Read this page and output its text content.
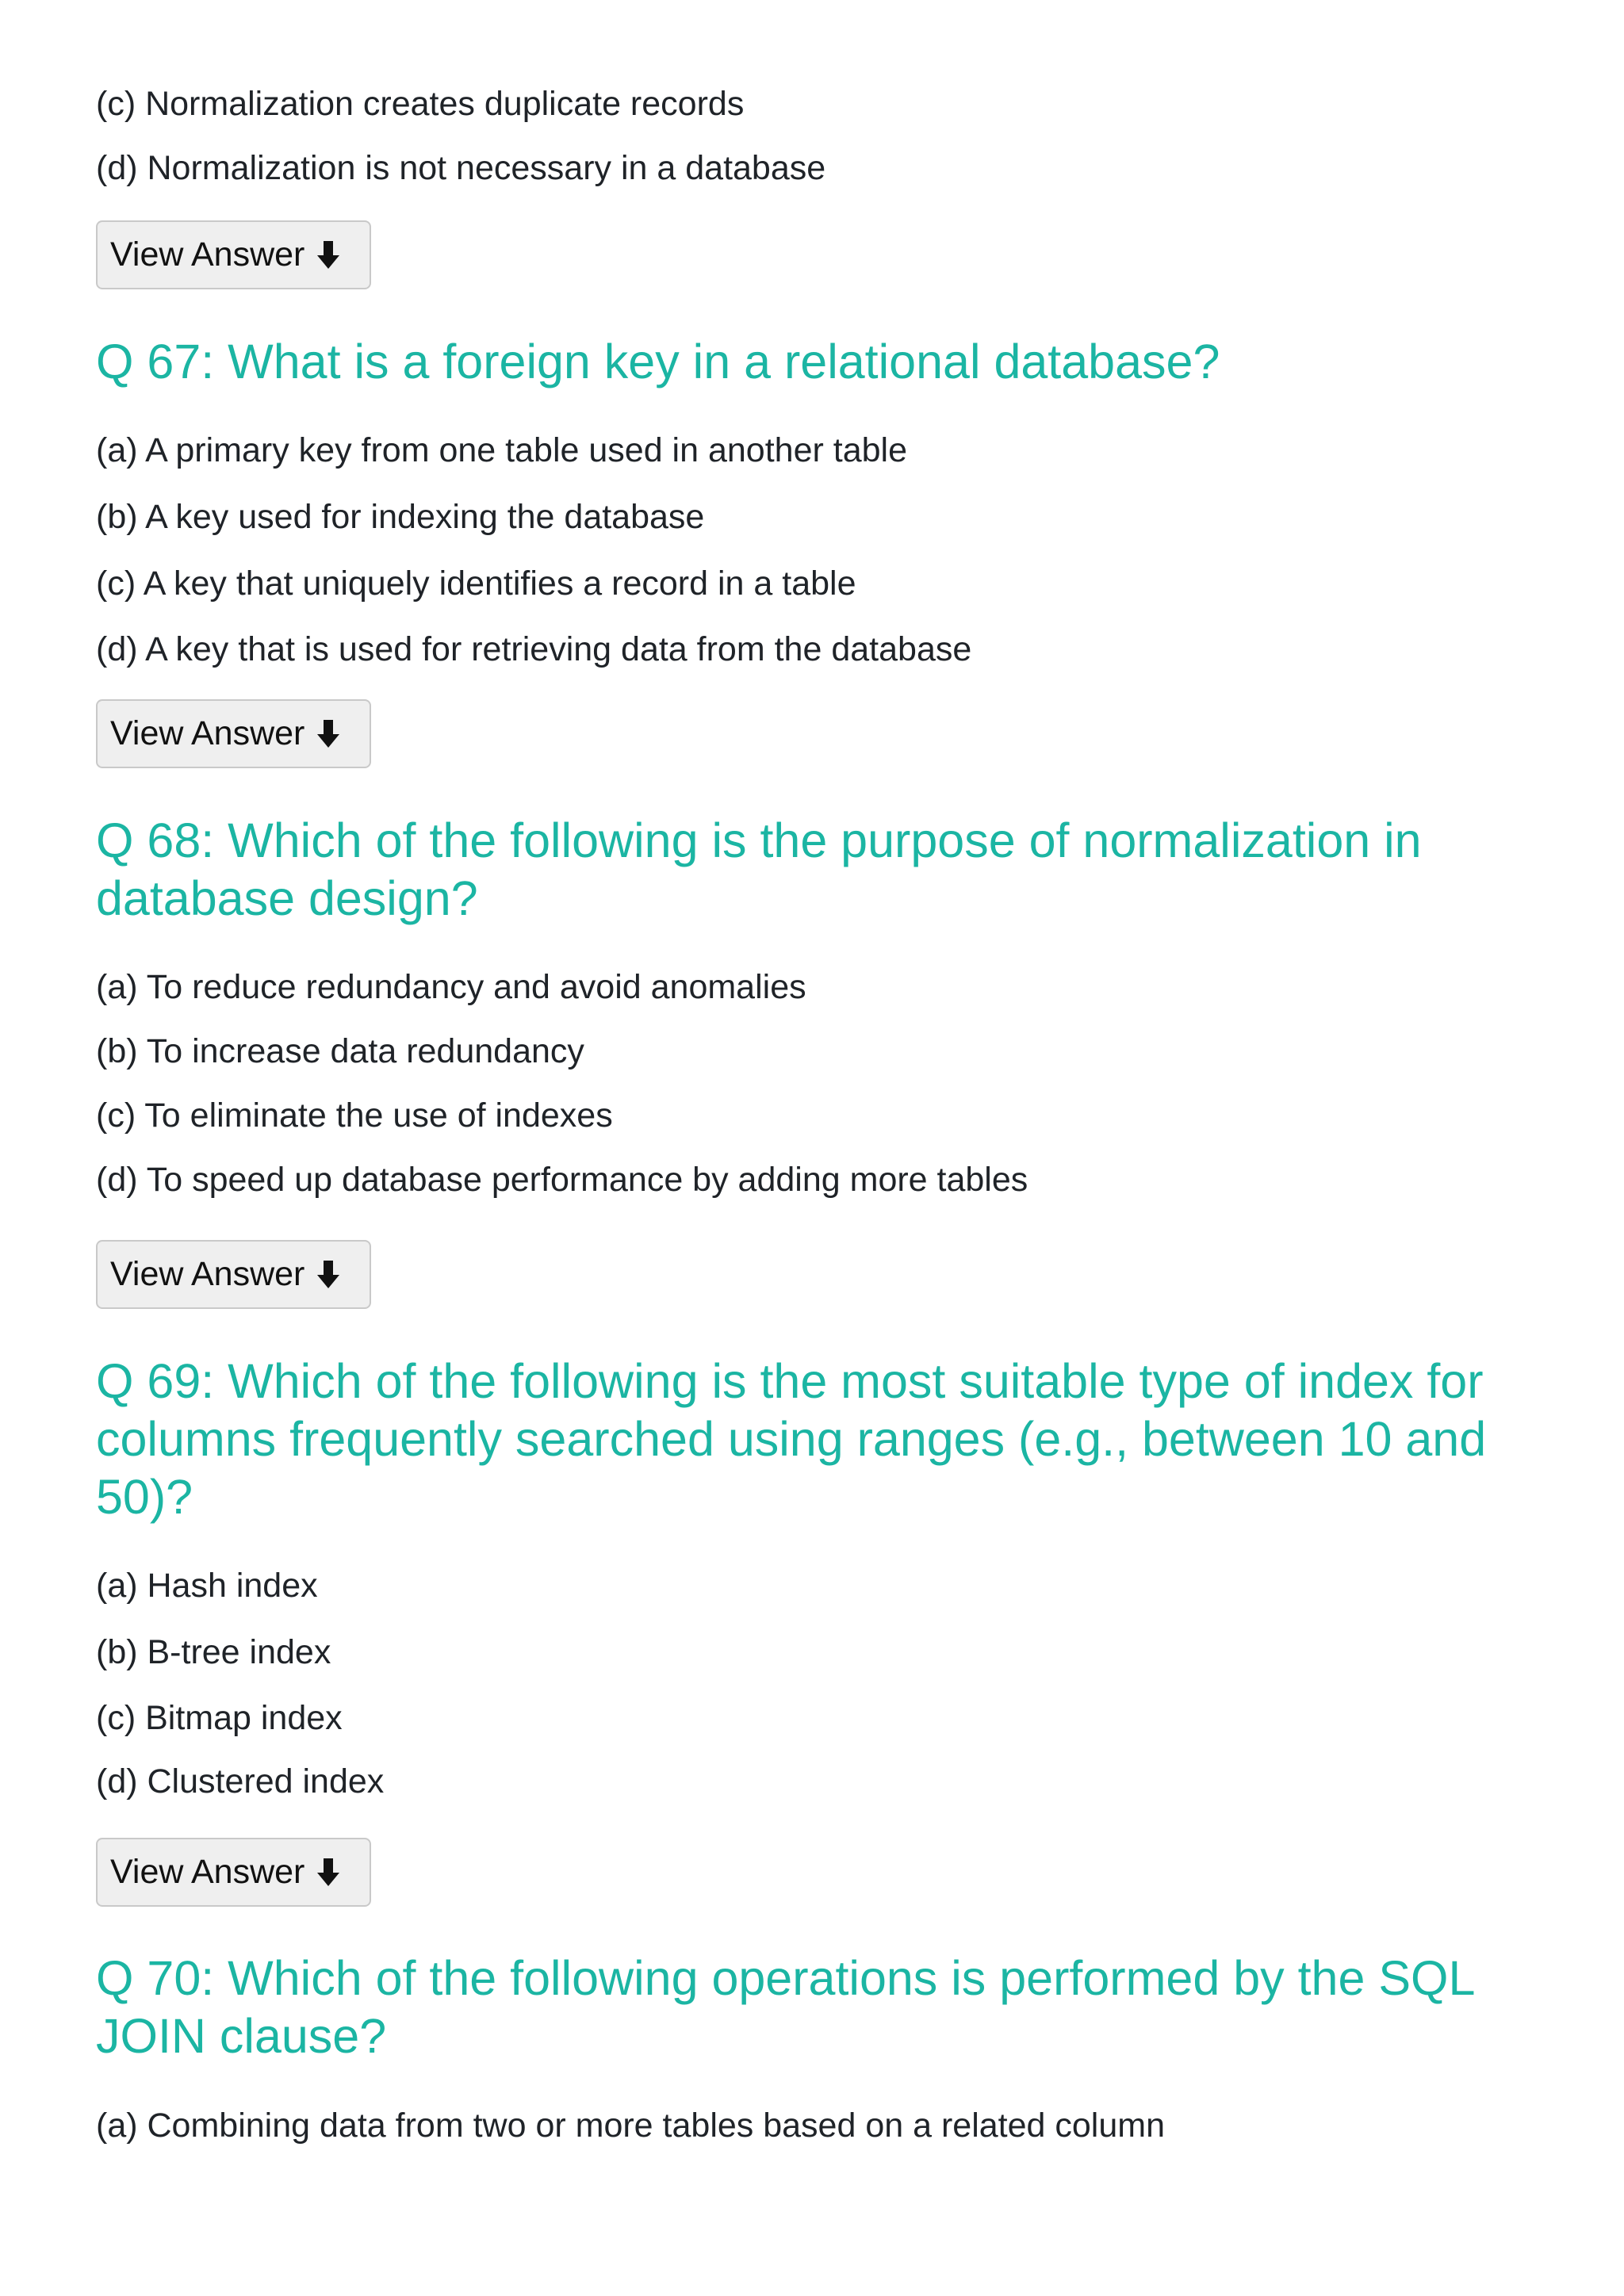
(c) Normalization creates duplicate records
(d) Normalization is not necessary in a database
View Answer
Q 67: What is a foreign key in a relational database?
(a) A primary key from one table used in another table
(b) A key used for indexing the database
(c) A key that uniquely identifies a record in a table
(d) A key that is used for retrieving data from the database
View Answer
Q 68: Which of the following is the purpose of normalization in
database design?
(a) To reduce redundancy and avoid anomalies
(b) To increase data redundancy
(c) To eliminate the use of indexes
(d) To speed up database performance by adding more tables
View Answer
Q 69: Which of the following is the most suitable type of index for
columns frequently searched using ranges (e.g., between 10 and
50)?
(a) Hash index
(b) B-tree index
(c) Bitmap index
(d) Clustered index
View Answer
Q 70: Which of the following operations is performed by the SQL
JOIN clause?
(a) Combining data from two or more tables based on a related column
